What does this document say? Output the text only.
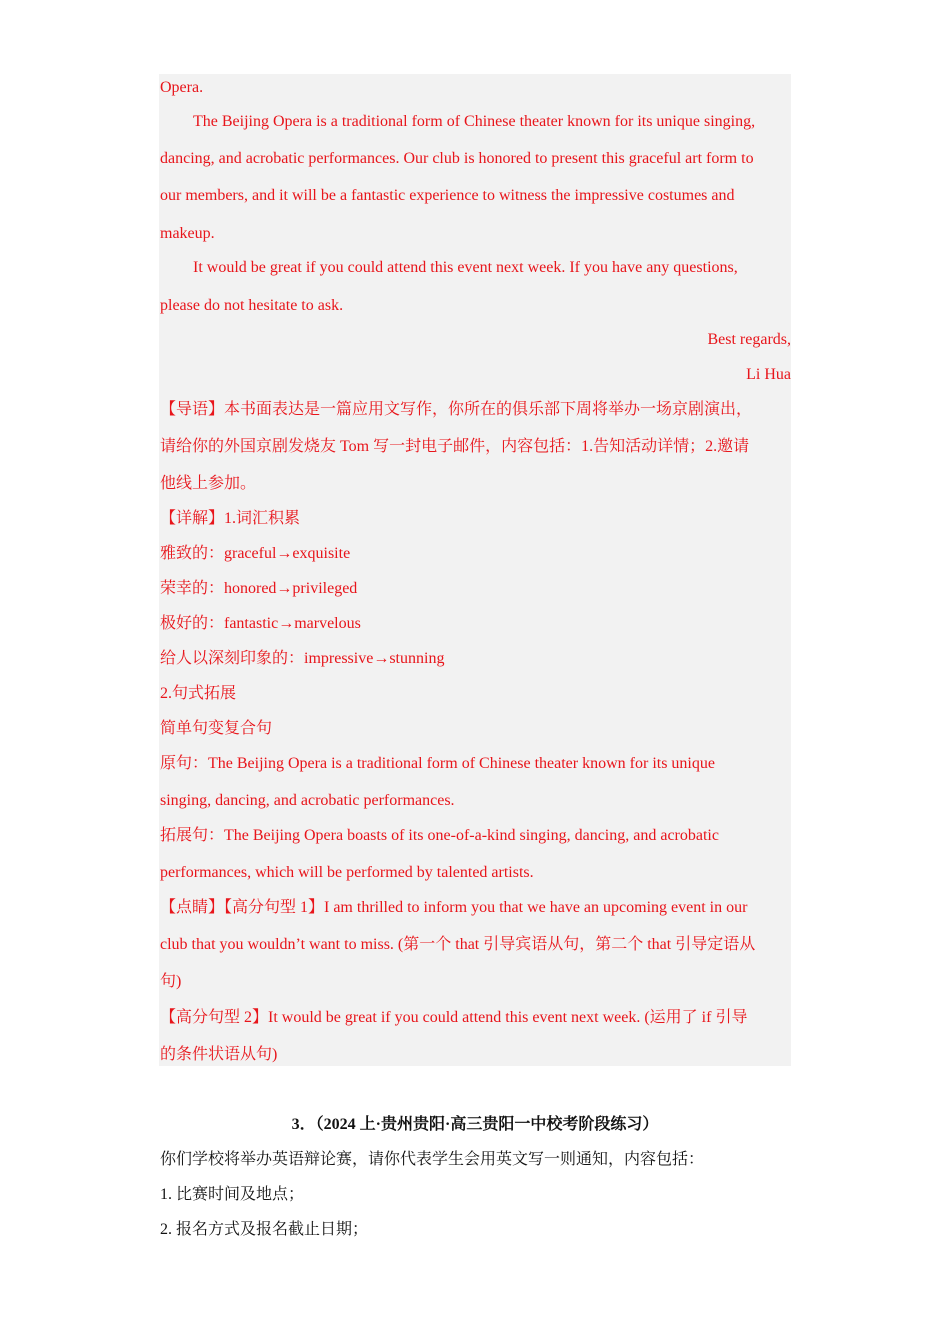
Opera.
The Beijing Opera is a traditional form of Chinese theater known for its unique singing,
dancing, and acrobatic performances. Our club is honored to present this graceful art form to
our members, and it will be a fantastic experience to witness the impressive costumes and
makeup.
It would be great if you could attend this event next week. If you have any questions,
please do not hesitate to ask.
Best regards,
Li Hua
【导语】本书面表达是一篇应用文写作，你所在的俱乐部下周将举办一场京剧演出，
请给你的外国京剧发烧友 Tom 写一封电子邮件，内容包括：1.告知活动详情；2.邀请
他线上参加。
【详解】1.词汇积累
雅致的：graceful→exquisite
荣幸的：honored→privileged
极好的：fantastic→marvelous
给人以深刻印象的：impressive→stunning
2.句式拓展
简单句变复合句
原句：The Beijing Opera is a traditional form of Chinese theater known for its unique
singing, dancing, and acrobatic performances.
拓展句：The Beijing Opera boasts of its one-of-a-kind singing, dancing, and acrobatic
performances, which will be performed by talented artists.
【点睛】【高分句型 1】I am thrilled to inform you that we have an upcoming event in our
club that you wouldn’t want to miss. (第一个 that 引导宾语从句，第二个 that 引导定语从
句)
【高分句型 2】It would be great if you could attend this event next week. (运用了 if 引导
的条件状语从句)
3．（2024 上·贵州贵阳·高三贵阳一中校考阶段练习）
你们学校将举办英语辩论赛，请你代表学生会用英文写一则通知，内容包括：
1. 比赛时间及地点；
2. 报名方式及报名截止日期；
